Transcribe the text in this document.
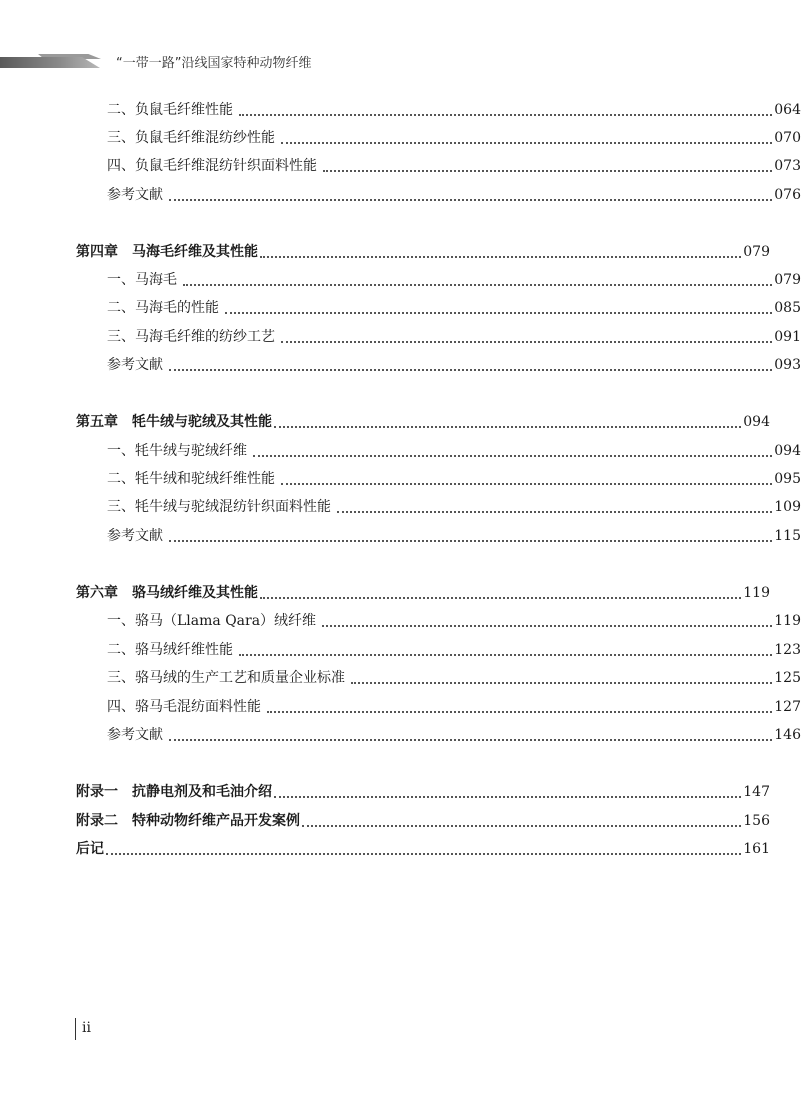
“一带一路”沿线国家特种动物纤维
二、负鼠毛纤维性能	064
三、负鼠毛纤维混纺纱性能	070
四、负鼠毛纤维混纺针织面料性能	073
参考文献	076
第四章　马海毛纤维及其性能	079
一、马海毛	079
二、马海毛的性能	085
三、马海毛纤维的纺纱工艺	091
参考文献	093
第五章　牦牛绒与驼绒及其性能	094
一、牦牛绒与驼绒纤维	094
二、牦牛绒和驼绒纤维性能	095
三、牦牛绒与驼绒混纺针织面料性能	109
参考文献	115
第六章　骆马绒纤维及其性能	119
一、骆马（Llama Qara）绒纤维	119
二、骆马绒纤维性能	123
三、骆马绒的生产工艺和质量企业标准	125
四、骆马毛混纺面料性能	127
参考文献	146
附录一　抗静电剂及和毛油介绍	147
附录二　特种动物纤维产品开发案例	156
后记	161
ii
